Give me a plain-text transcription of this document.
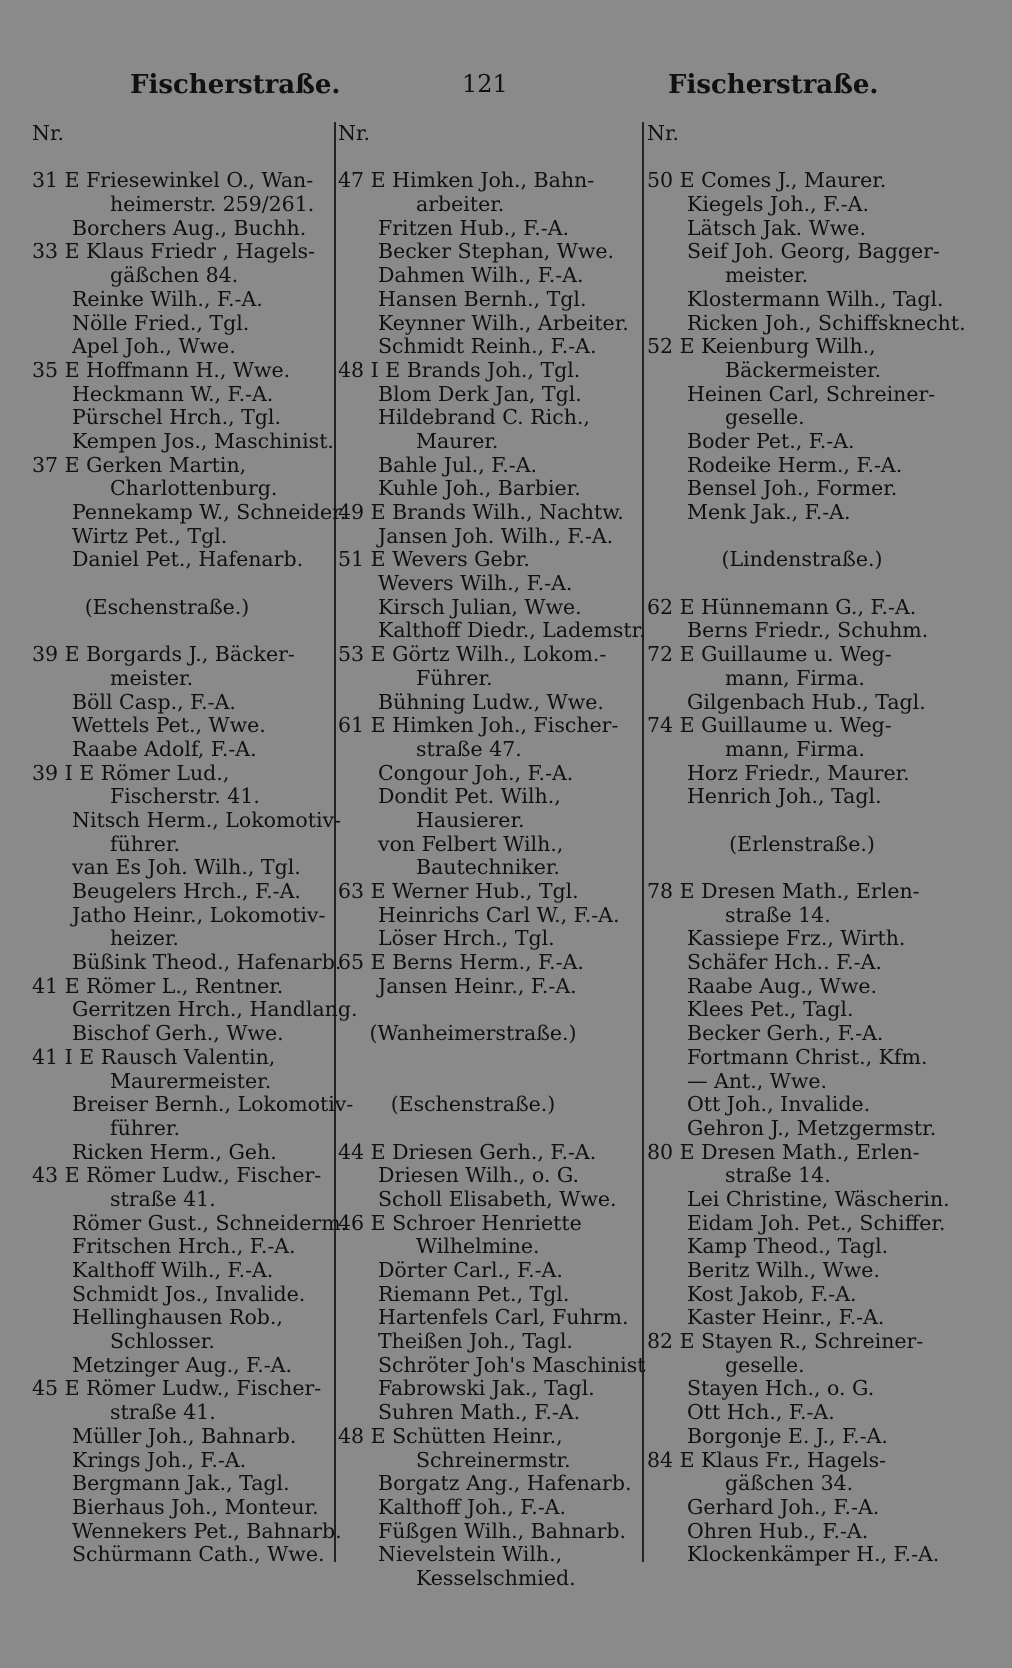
Fischerstraße.	121	Fischerstraße.
Nr.
31 E Friesewinkel O., Wan-
heimerstr. 259/261.
Borchers Aug., Buchh.
33 E Klaus Friedr , Hagels-
gäßchen 84.
Reinke Wilh., F.-A.
Nölle Fried., Tgl.
Apel Joh., Wwe.
35 E Hoffmann H., Wwe.
Heckmann W., F.-A.
Pürschel Hrch., Tgl.
Kempen Jos., Maschinist.
37 E Gerken Martin,
Charlottenburg.
Pennekamp W., Schneider.
Wirtz Pet., Tgl.
Daniel Pet., Hafenarb.
(Eschenstraße.)
39 E Borgards J., Bäcker-
meister.
Böll Casp., F.-A.
Wettels Pet., Wwe.
Raabe Adolf, F.-A.
39 I E Römer Lud.,
Fischerstr. 41.
Nitsch Herm., Lokomotiv-
führer.
van Es Joh. Wilh., Tgl.
Beugelers Hrch., F.-A.
Jatho Heinr., Lokomotiv-
heizer.
Büßink Theod., Hafenarb.
41 E Römer L., Rentner.
Gerritzen Hrch., Handlang.
Bischof Gerh., Wwe.
41 I E Rausch Valentin,
Maurermeister.
Breiser Bernh., Lokomotiv-
führer.
Ricken Herm., Geh.
43 E Römer Ludw., Fischer-
straße 41.
Römer Gust., Schneiderm.
Fritschen Hrch., F.-A.
Kalthoff Wilh., F.-A.
Schmidt Jos., Invalide.
Hellinghausen Rob.,
Schlosser.
Metzinger Aug., F.-A.
45 E Römer Ludw., Fischer-
straße 41.
Müller Joh., Bahnarb.
Krings Joh., F.-A.
Bergmann Jak., Tagl.
Bierhaus Joh., Monteur.
Wennekers Pet., Bahnarb.
Schürmann Cath., Wwe.
Nr.
47 E Himken Joh., Bahn-
arbeiter.
Fritzen Hub., F.-A.
Becker Stephan, Wwe.
Dahmen Wilh., F.-A.
Hansen Bernh., Tgl.
Keynner Wilh., Arbeiter.
Schmidt Reinh., F.-A.
48 I E Brands Joh., Tgl.
Blom Derk Jan, Tgl.
Hildebrand C. Rich.,
Maurer.
Bahle Jul., F.-A.
Kuhle Joh., Barbier.
49 E Brands Wilh., Nachtw.
Jansen Joh. Wilh., F.-A.
51 E Wevers Gebr.
Wevers Wilh., F.-A.
Kirsch Julian, Wwe.
Kalthoff Diedr., Lademstr.
53 E Görtz Wilh., Lokom.-
Führer.
Bühning Ludw., Wwe.
61 E Himken Joh., Fischer-
straße 47.
Congour Joh., F.-A.
Dondit Pet. Wilh.,
Hausierer.
von Felbert Wilh.,
Bautechniker.
63 E Werner Hub., Tgl.
Heinrichs Carl W., F.-A.
Löser Hrch., Tgl.
65 E Berns Herm., F.-A.
Jansen Heinr., F.-A.
(Wanheimerstraße.)
(Eschenstraße.)
44 E Driesen Gerh., F.-A.
Driesen Wilh., o. G.
Scholl Elisabeth, Wwe.
46 E Schroer Henriette
Wilhelmine.
Dörter Carl., F.-A.
Riemann Pet., Tgl.
Hartenfels Carl, Fuhrm.
Theißen Joh., Tagl.
Schröter Joh's Maschinist
Fabrowski Jak., Tagl.
Suhren Math., F.-A.
48 E Schütten Heinr.,
Schreinermstr.
Borgatz Ang., Hafenarb.
Kalthoff Joh., F.-A.
Füßgen Wilh., Bahnarb.
Nievelstein Wilh.,
Kesselschmied.
Nr.
50 E Comes J., Maurer.
Kiegels Joh., F.-A.
Lätsch Jak. Wwe.
Seif Joh. Georg, Bagger-
meister.
Klostermann Wilh., Tagl.
Ricken Joh., Schiffsknecht.
52 E Keienburg Wilh.,
Bäckermeister.
Heinen Carl, Schreiner-
geselle.
Boder Pet., F.-A.
Rodeike Herm., F.-A.
Bensel Joh., Former.
Menk Jak., F.-A.
(Lindenstraße.)
62 E Hünnemann G., F.-A.
Berns Friedr., Schuhm.
72 E Guillaume u. Weg-
mann, Firma.
Gilgenbach Hub., Tagl.
74 E Guillaume u. Weg-
mann, Firma.
Horz Friedr., Maurer.
Henrich Joh., Tagl.
(Erlenstraße.)
78 E Dresen Math., Erlen-
straße 14.
Kassiepe Frz., Wirth.
Schäfer Hch.. F.-A.
Raabe Aug., Wwe.
Klees Pet., Tagl.
Becker Gerh., F.-A.
Fortmann Christ., Kfm.
— Ant., Wwe.
Ott Joh., Invalide.
Gehron J., Metzgermstr.
80 E Dresen Math., Erlen-
straße 14.
Lei Christine, Wäscherin.
Eidam Joh. Pet., Schiffer.
Kamp Theod., Tagl.
Beritz Wilh., Wwe.
Kost Jakob, F.-A.
Kaster Heinr., F.-A.
82 E Stayen R., Schreiner-
geselle.
Stayen Hch., o. G.
Ott Hch., F.-A.
Borgonje E. J., F.-A.
84 E Klaus Fr., Hagels-
gäßchen 34.
Gerhard Joh., F.-A.
Ohren Hub., F.-A.
Klockenkämper H., F.-A.
